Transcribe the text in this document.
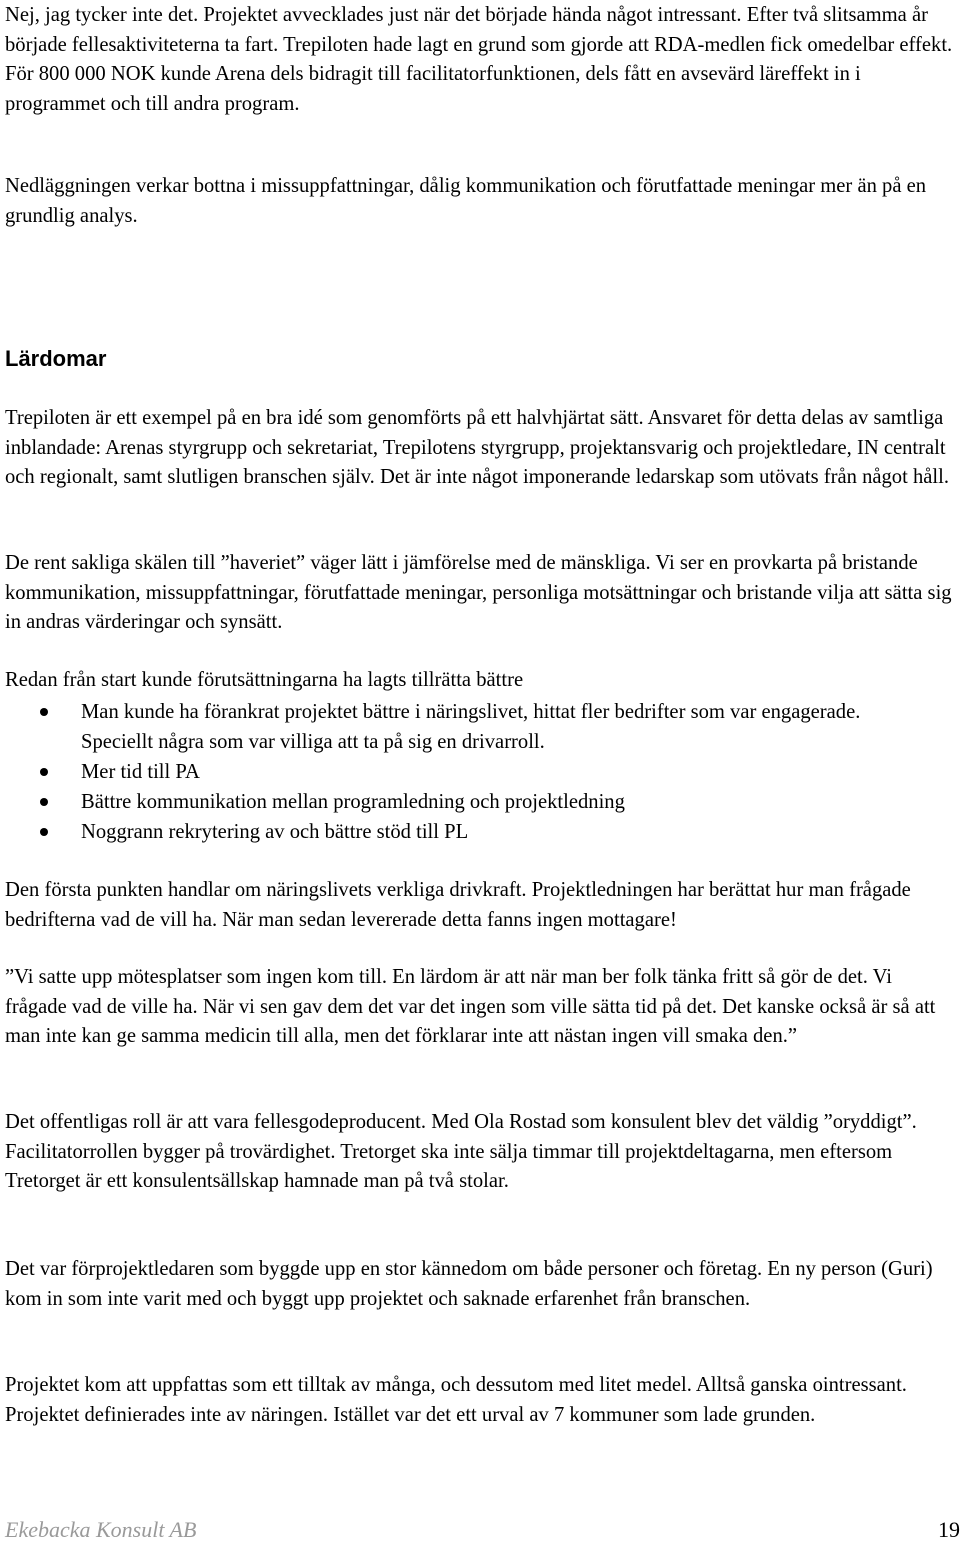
Nej, jag tycker inte det. Projektet avvecklades just när det började hända något intressant. Efter två slitsamma år började fellesaktiviteterna ta fart. Trepiloten hade lagt en grund som gjorde att RDA-medlen fick omedelbar effekt. För 800 000 NOK kunde Arena dels bidragit till facilitatorfunktionen, dels fått en avsevärd läreffekt in i programmet och till andra program.

Nedläggningen verkar bottna i missuppfattningar, dålig kommunikation och förutfattade meningar mer än på en grundlig analys.

Lärdomar

Trepiloten är ett exempel på en bra idé som genomförts på ett halvhjärtat sätt. Ansvaret för detta delas av samtliga inblandade: Arenas styrgrupp och sekretariat, Trepilotens styrgrupp, projektansvarig och projektledare, IN centralt och regionalt, samt slutligen branschen själv. Det är inte något imponerande ledarskap som utövats från något håll.

De rent sakliga skälen till ”haveriet” väger lätt i jämförelse med de mänskliga. Vi ser en provkarta på bristande kommunikation, missuppfattningar, förutfattade meningar, personliga motsättningar och bristande vilja att sätta sig in andras värderingar och synsätt.

Redan från start kunde förutsättningarna ha lagts tillrätta bättre

Man kunde ha förankrat projektet bättre i näringslivet, hittat fler bedrifter som var engagerade. Speciellt några som var villiga att ta på sig en drivarroll.
Mer tid till PA
Bättre kommunikation mellan programledning och projektledning
Noggrann rekrytering av och bättre stöd till PL

Den första punkten handlar om näringslivets verkliga drivkraft. Projektledningen har berättat hur man frågade bedrifterna vad de vill ha. När man sedan levererade detta fanns ingen mottagare!

”Vi satte upp mötesplatser som ingen kom till. En lärdom är att när man ber folk tänka fritt så gör de det. Vi frågade vad de ville ha. När vi sen gav dem det var det ingen som ville sätta tid på det. Det kanske också är så att man inte kan ge samma medicin till alla, men det förklarar inte att nästan ingen vill smaka den.”

Det offentligas roll är att vara fellesgodeproducent. Med Ola Rostad som konsulent blev det väldig ”oryddigt”. Facilitatorrollen bygger på trovärdighet. Tretorget ska inte sälja timmar till projektdeltagarna, men eftersom Tretorget är ett konsulentsällskap hamnade man på två stolar.

Det var förprojektledaren som byggde upp en stor kännedom om både personer och företag. En ny person (Guri) kom in som inte varit med och byggt upp projektet och saknade erfarenhet från branschen.

Projektet kom att uppfattas som ett tilltak av många, och dessutom med litet medel. Alltså ganska ointressant. Projektet definierades inte av näringen. Istället var det ett urval av 7 kommuner som lade grunden.

Ekebacka Konsult AB	19
